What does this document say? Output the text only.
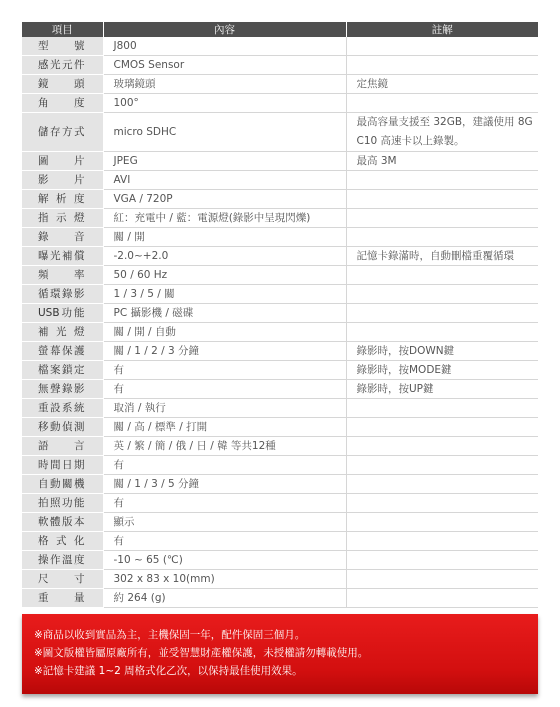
項目	內容	註解
型號	J800	
感光元件	CMOS Sensor	
鏡頭	玻璃鏡頭	定焦鏡
角度	100°	
儲存方式	micro SDHC	最高容量支援至 32GB，建議使用 8G C10 高速卡以上錄製。
圖片	JPEG	最高 3M
影片	AVI	
解析度	VGA / 720P	
指示燈	紅：充電中 / 藍：電源燈(錄影中呈現閃爍)	
錄音	關 / 開	
曝光補償	-2.0~+2.0	記憶卡錄滿時，自動刪檔重覆循環
頻率	50 / 60 Hz	
循環錄影	1 / 3 / 5 / 關	
USB功能	PC 攝影機 / 磁碟	
補光燈	關 / 開 / 自動	
螢幕保護	關 / 1 / 2 / 3 分鐘	錄影時，按DOWN鍵
檔案鎖定	有	錄影時，按MODE鍵
無聲錄影	有	錄影時，按UP鍵
重設系統	取消 / 執行	
移動偵測	關 / 高 / 標準 / 打開	
語言	英 / 繁 / 簡 / 俄 / 日 / 韓 等共12種	
時間日期	有	
自動關機	關 / 1 / 3 / 5 分鐘	
拍照功能	有	
軟體版本	顯示	
格式化	有	
操作溫度	-10 ~ 65 (℃)	
尺寸	302 x 83 x 10(mm)	
重量	約 264 (g)	

※商品以收到實品為主，主機保固一年，配件保固三個月。

※圖文版權皆屬原廠所有，並受智慧財產權保護，未授權請勿轉載使用。

※記憶卡建議 1~2 周格式化乙次，以保持最佳使用效果。
